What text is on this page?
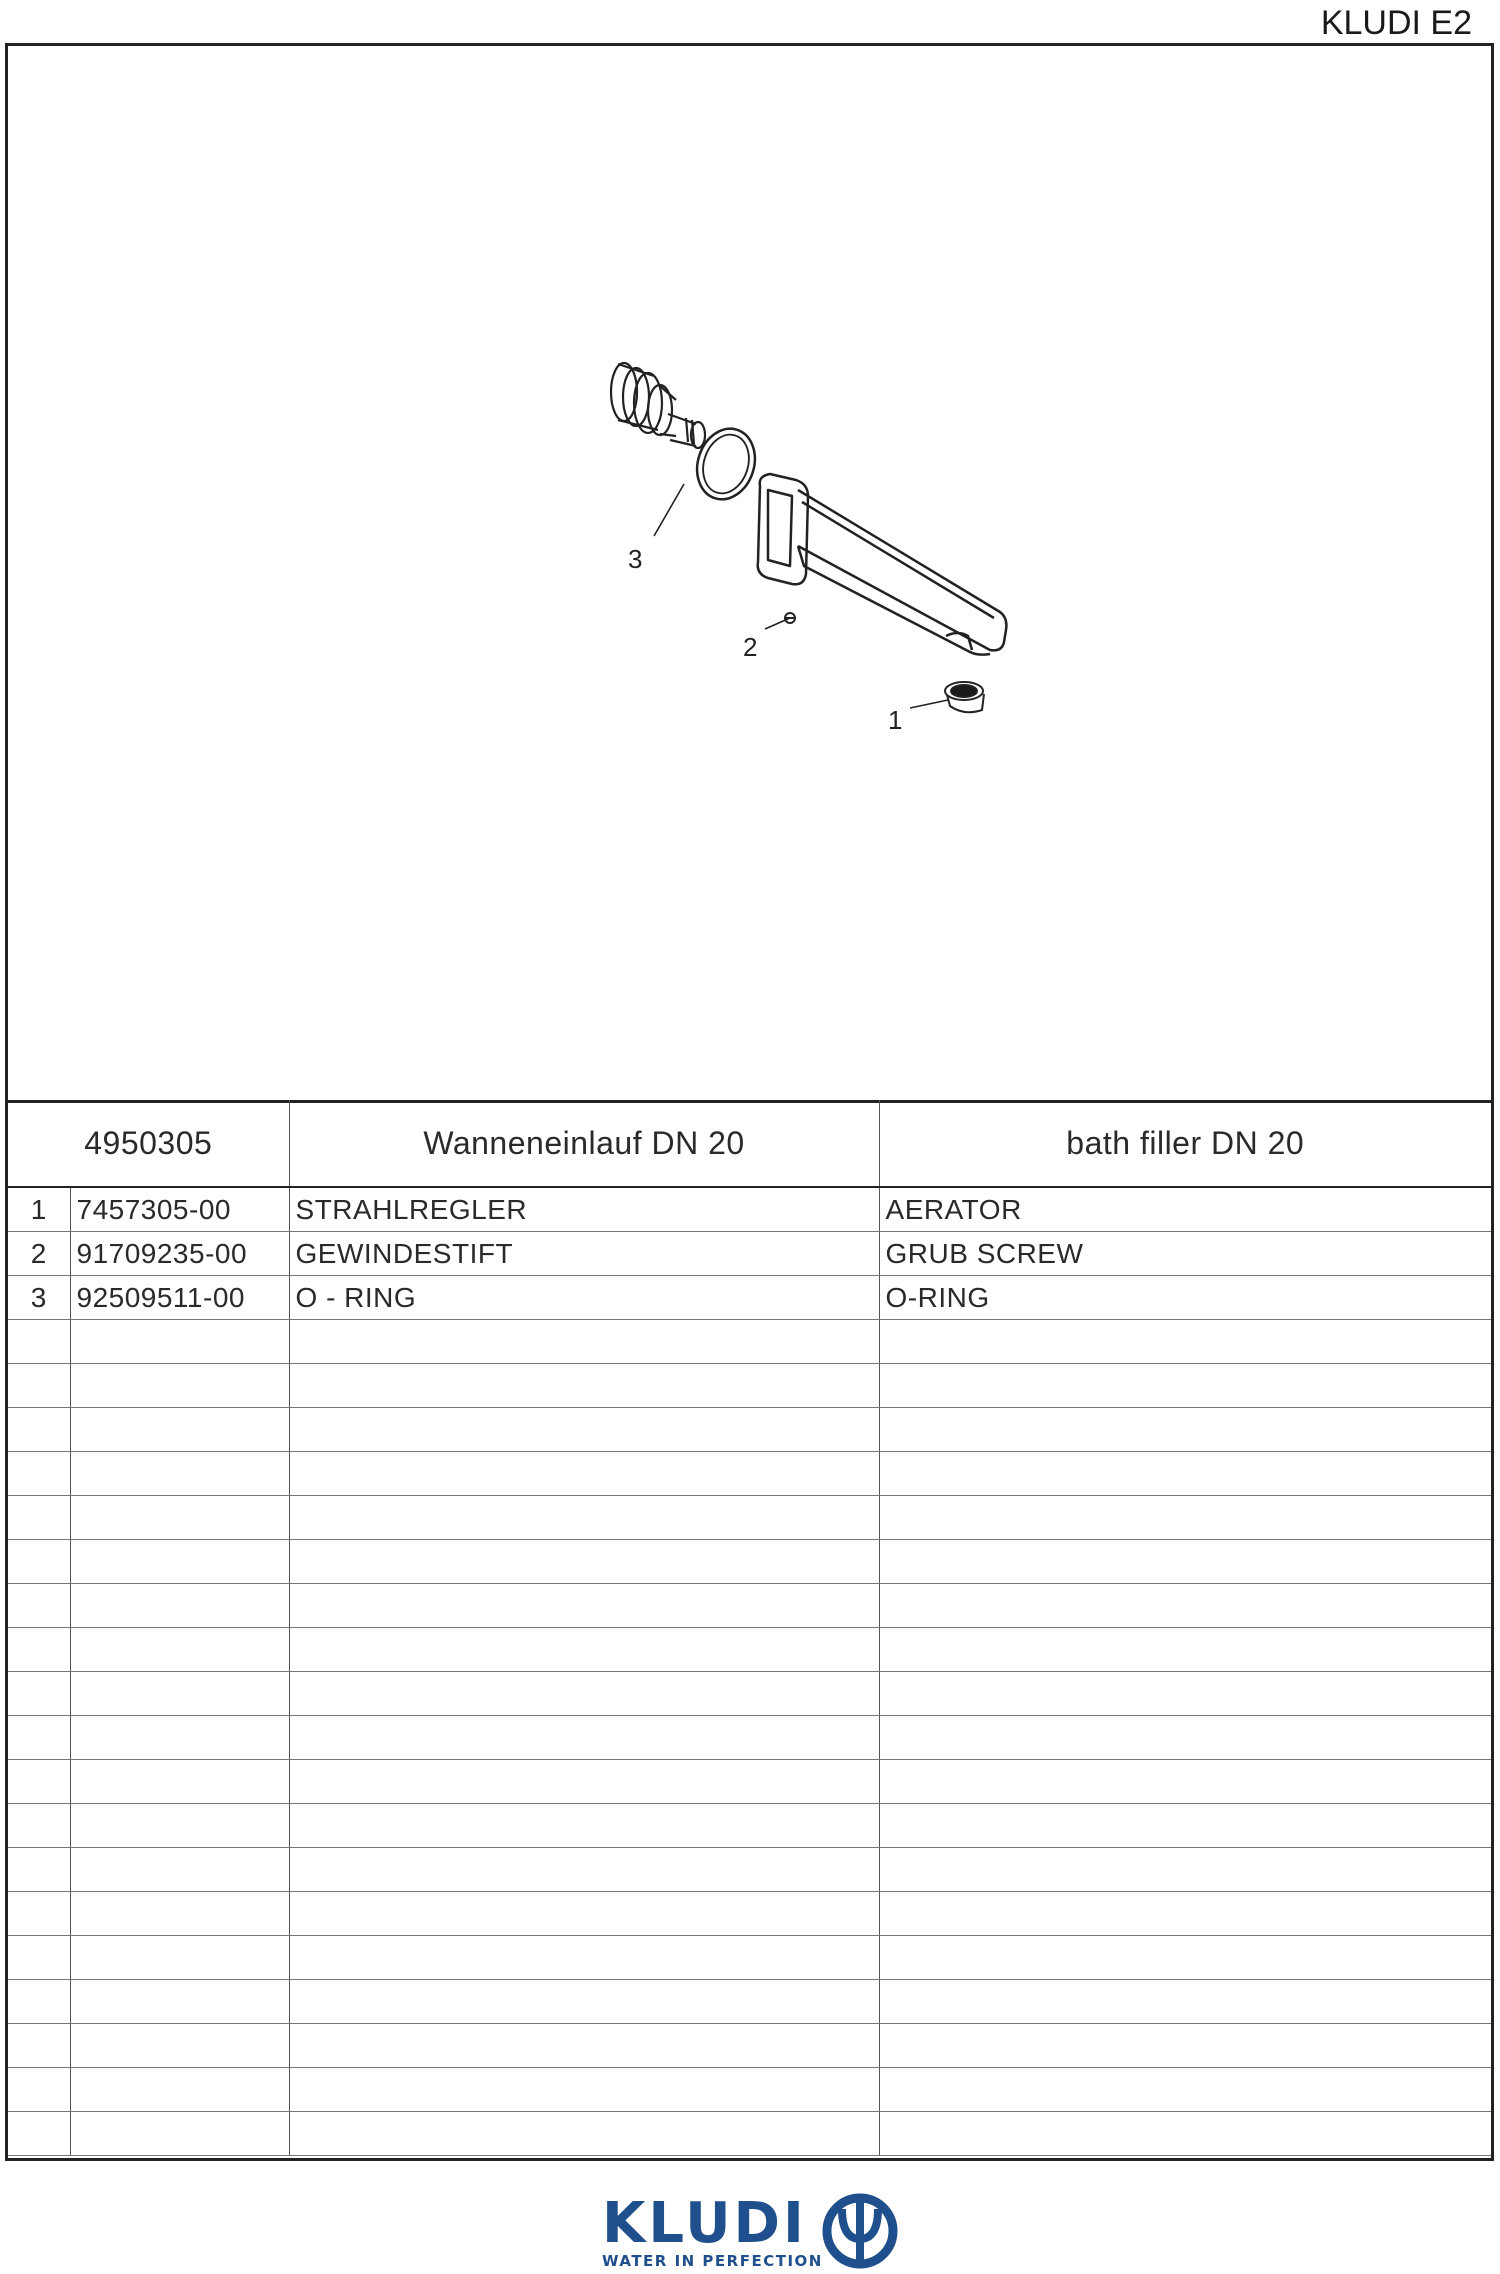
KLUDI E2
3
2
1
4950305		Wanneneinlauf DN 20	bath filler DN 20
1	7457305-00	STRAHLREGLER	AERATOR
2	91709235-00	GEWINDESTIFT	GRUB SCREW
3	92509511-00	O - RING	O-RING

KLUDI
WATER IN PERFECTION
